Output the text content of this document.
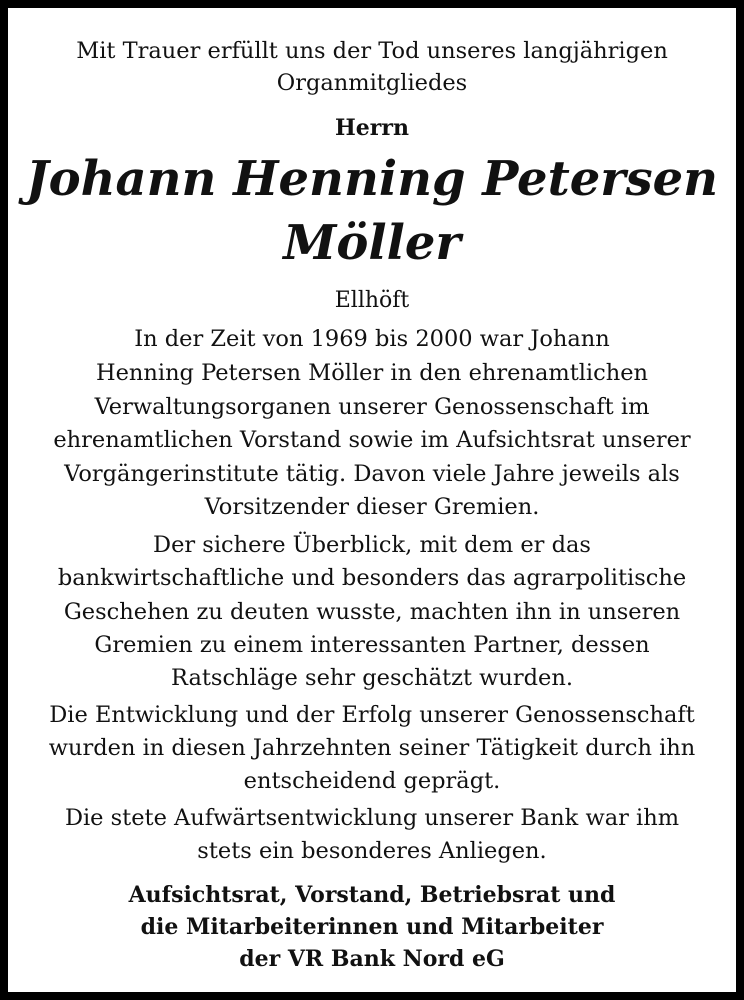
Mit Trauer erfüllt uns der Tod unseres langjährigen
Organmitgliedes
Herrn
Johann Henning Petersen
Möller
Ellhöft
In der Zeit von 1969 bis 2000 war Johann
Henning Petersen Möller in den ehrenamtlichen
Verwaltungsorganen unserer Genossenschaft im
ehrenamtlichen Vorstand sowie im Aufsichtsrat unserer
Vorgängerinstitute tätig. Davon viele Jahre jeweils als
Vorsitzender dieser Gremien.
Der sichere Überblick, mit dem er das
bankwirtschaftliche und besonders das agrarpolitische
Geschehen zu deuten wusste, machten ihn in unseren
Gremien zu einem interessanten Partner, dessen
Ratschläge sehr geschätzt wurden.
Die Entwicklung und der Erfolg unserer Genossenschaft
wurden in diesen Jahrzehnten seiner Tätigkeit durch ihn
entscheidend geprägt.
Die stete Aufwärtsentwicklung unserer Bank war ihm
stets ein besonderes Anliegen.
Aufsichtsrat, Vorstand, Betriebsrat und
die Mitarbeiterinnen und Mitarbeiter
der VR Bank Nord eG
